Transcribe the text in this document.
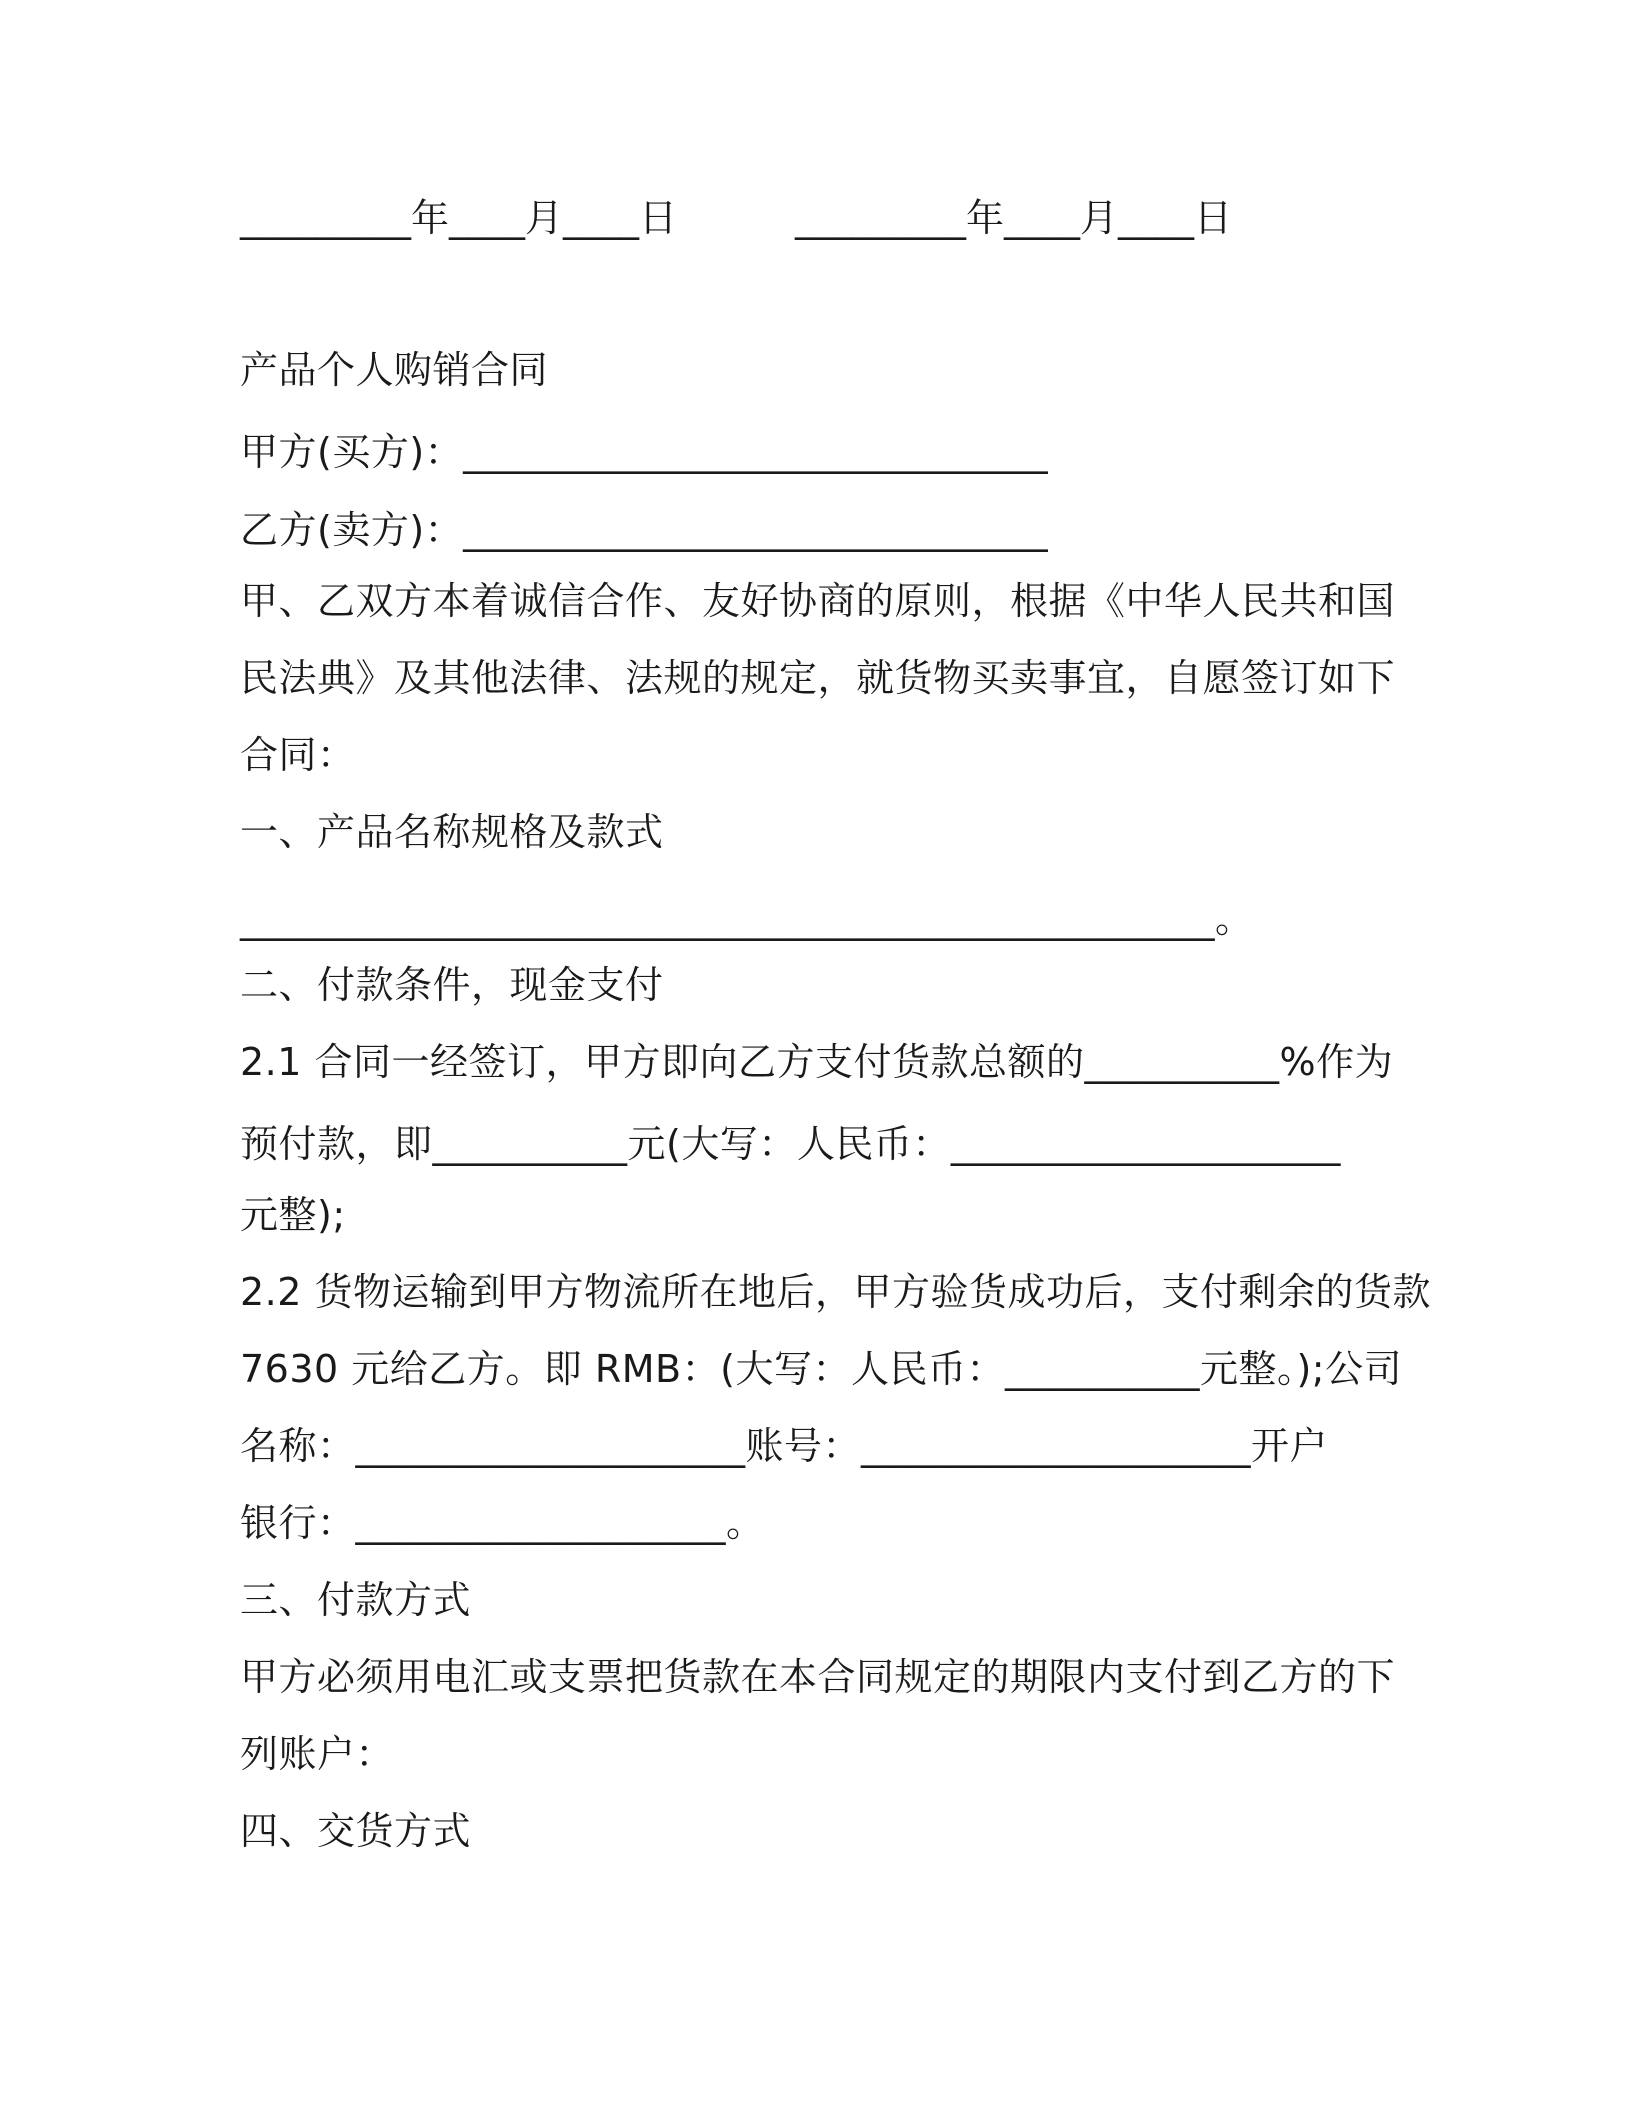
_________年____月____日	_________年____月____日
产品个人购销合同
甲方(买方)：______________________________
乙方(卖方)：______________________________
甲、乙双方本着诚信合作、友好协商的原则，根据《中华人民共和国
民法典》及其他法律、法规的规定，就货物买卖事宜，自愿签订如下
合同：
一、产品名称规格及款式
__________________________________________________。
二、付款条件，现金支付
2.1 合同一经签订，甲方即向乙方支付货款总额的__________%作为
预付款，即__________元(大写：人民币：____________________
元整);
2.2 货物运输到甲方物流所在地后，甲方验货成功后，支付剩余的货款
7630 元给乙方。即 RMB：(大写：人民币：__________元整。);公司
名称：____________________账号：____________________开户
银行：___________________。
三、付款方式
甲方必须用电汇或支票把货款在本合同规定的期限内支付到乙方的下
列账户：
四、交货方式
